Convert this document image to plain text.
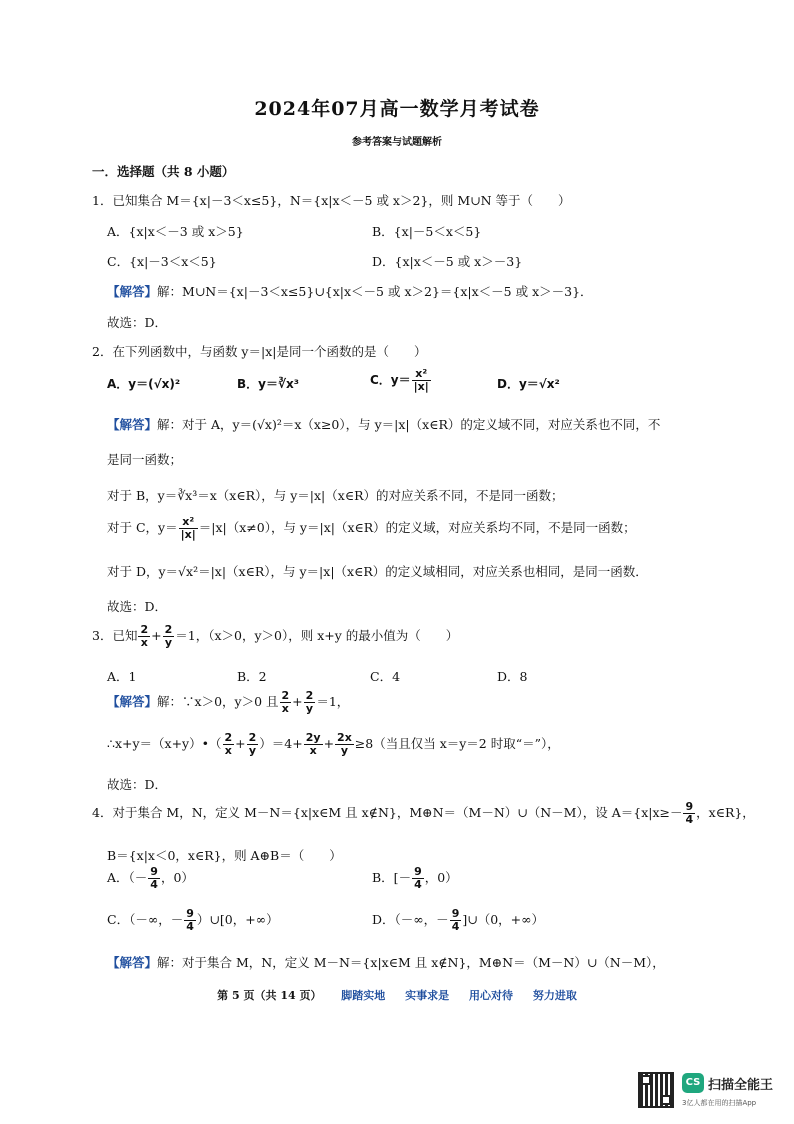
2024年07月高一数学月考试卷
参考答案与试题解析
一．选择题（共 8 小题）
1．已知集合 M＝{x|－3＜x≤5}，N＝{x|x＜－5 或 x＞2}，则 M∪N 等于（　　）
A．{x|x＜－3 或 x＞5}	B．{x|－5＜x＜5}
C．{x|－3＜x＜5}	D．{x|x＜－5 或 x＞－3}
【解答】解：M∪N＝{x|－3＜x≤5}∪{x|x＜－5 或 x＞2}＝{x|x＜－5 或 x＞－3}．
故选：D．
2．在下列函数中，与函数 y＝|x|是同一个函数的是（　　）
A．y＝(√x)²	B．y＝∛x³	C．$y= \frac{\text{x²}}{|x|}$	D．y＝√x²
【解答】解：对于 A，y＝(√x)²＝x（x≥0），与 y＝|x|（x∈R）的定义域不同，对应关系也不同，不
是同一函数；
对于 B，y＝∛x³＝x（x∈R），与 y＝|x|（x∈R）的对应关系不同，不是同一函数；
对于 C，$y= \frac{\text{x²}}{|x|} =|x|(x\ne 0)$，与 y＝|x|（x∈R）的定义域，对应关系均不同，不是同一函数；
对于 D，y＝√x²＝|x|（x∈R），与 y＝|x|（x∈R）的定义域相同，对应关系也相同，是同一函数．
故选：D．
3．已知 $\frac{2}{x} + \frac{2}{y} =1$，（x＞0，y＞0），则 x+y 的最小值为（　　）
A．1	B．2	C．4	D．8
【解答】解：∵x＞0，y＞0 且 $\frac{2}{x} + \frac{2}{y} =1$，
∴x+y＝（x+y）•（ $\frac{2}{x} + \frac{2}{y} )=4+ \frac{2y}{x} + \frac{2x}{y} \ge 8$（当且仅当 x＝y＝2 时取“＝”），
故选：D．
4．对于集合 M，N，定义 M－N＝{x|x∈M 且 x∉N}，M⊕N＝（M－N）∪（N－M），设 $A=\{x|x\ge- \frac{9}{4}$ ，x∈R}，
B＝{x|x＜0，x∈R}，则 A⊕B＝（　　）
A．（－ $\frac{9}{4}$ ，0）	B．[－ $\frac{9}{4}$ ，0）
C．（－∞，－ $\frac{9}{4}$ ）∪[0，+∞）	D．（－∞，－ $\frac{9}{4}$ ]∪（0，+∞）
【解答】解：对于集合 M，N，定义 M－N＝{x|x∈M 且 x∉N}，M⊕N＝（M－N）∪（N－M），
第 5 页（共 14 页） 脚踏实地 实事求是 用心对待 努力进取
CS 扫描全能王
3亿人都在用的扫描App
